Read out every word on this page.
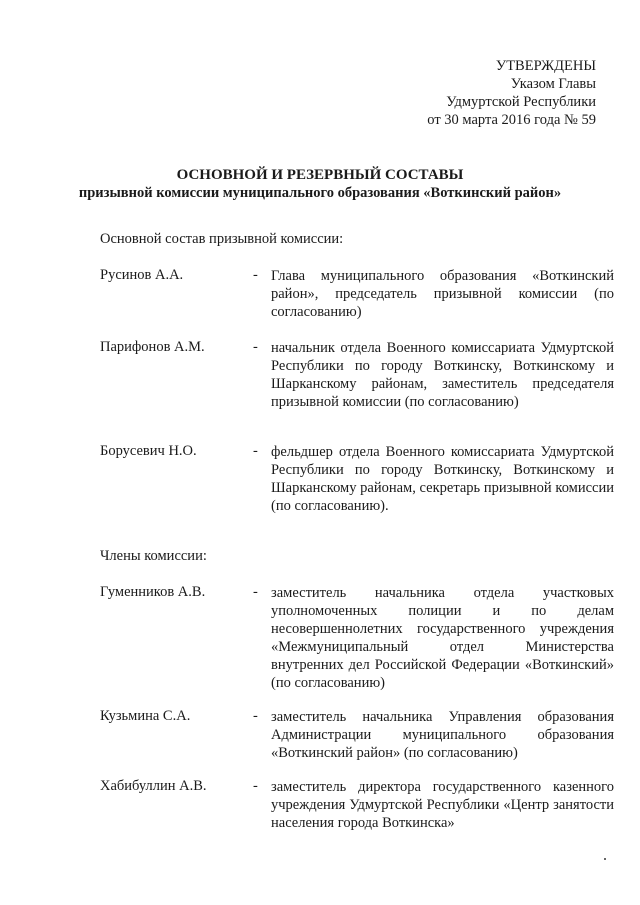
УТВЕРЖДЕНЫ
Указом Главы
Удмуртской Республики
от 30 марта 2016 года № 59
ОСНОВНОЙ И РЕЗЕРВНЫЙ СОСТАВЫ
призывной комиссии муниципального образования «Воткинский район»
Основной состав призывной комиссии:
Русинов А.А.	- Глава муниципального образования «Воткинский район», председатель призывной комиссии (по согласованию)
Парифонов А.М.	- начальник отдела Военного комиссариата Удмуртской Республики по городу Воткинску, Воткинскому и Шарканскому районам, заместитель председателя призывной комиссии (по согласованию)
Борусевич Н.О.	- фельдшер отдела Военного комиссариата Удмуртской Республики по городу Воткинску, Воткинскому и Шарканскому районам, секретарь призывной комиссии (по согласованию).
Члены комиссии:
Гуменников А.В.	- заместитель начальника отдела участковых уполномоченных полиции и по делам несовершеннолетних государственного учреждения «Межмуниципальный отдел Министерства внутренних дел Российской Федерации «Воткинский» (по согласованию)
Кузьмина С.А.	- заместитель начальника Управления образования Администрации муниципального образования «Воткинский район» (по согласованию)
Хабибуллин А.В.	- заместитель директора государственного казенного учреждения Удмуртской Республики «Центр занятости населения города Воткинска»
